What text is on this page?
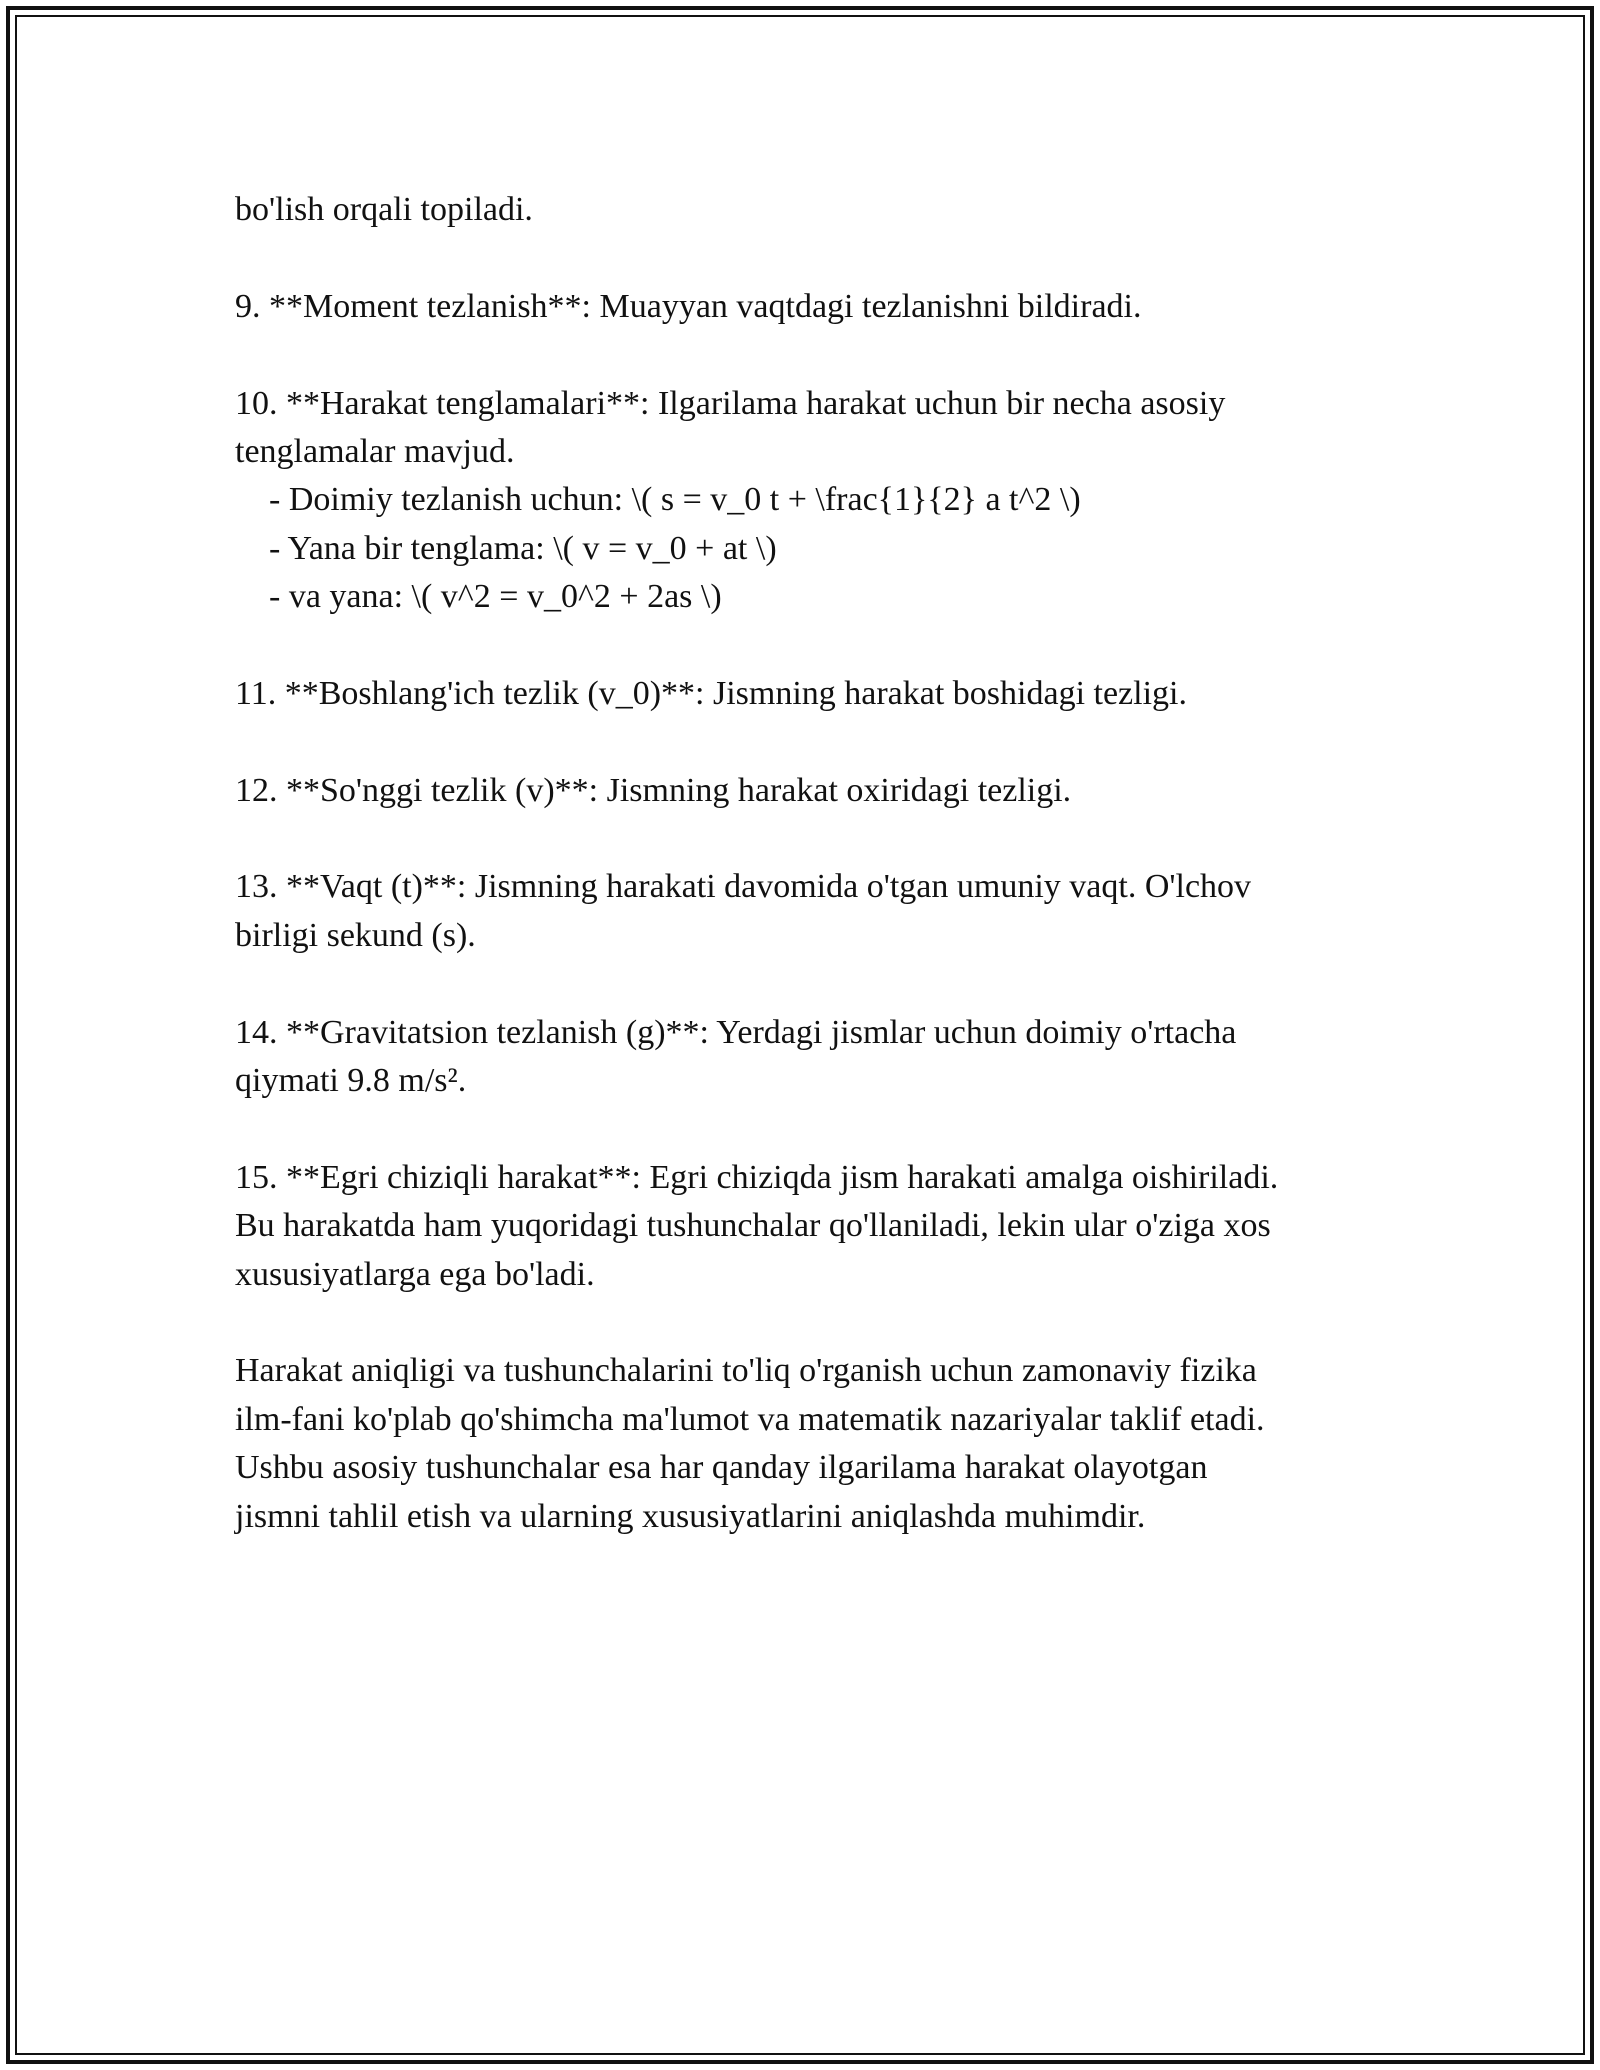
bo'lish orqali topiladi.
9. **Moment tezlanish**: Muayyan vaqtdagi tezlanishni bildiradi.
10. **Harakat tenglamalari**: Ilgarilama harakat uchun bir necha asosiy
tenglamalar mavjud.
- Doimiy tezlanish uchun: \( s = v_0 t + \frac{1}{2} a t^2 \)
- Yana bir tenglama: \( v = v_0 + at \)
- va yana: \( v^2 = v_0^2 + 2as \)
11. **Boshlang'ich tezlik (v_0)**: Jismning harakat boshidagi tezligi.
12. **So'nggi tezlik (v)**: Jismning harakat oxiridagi tezligi.
13. **Vaqt (t)**: Jismning harakati davomida o'tgan umuniy vaqt. O'lchov
birligi sekund (s).
14. **Gravitatsion tezlanish (g)**: Yerdagi jismlar uchun doimiy o'rtacha
qiymati 9.8 m/s².
15. **Egri chiziqli harakat**: Egri chiziqda jism harakati amalga oishiriladi.
Bu harakatda ham yuqoridagi tushunchalar qo'llaniladi, lekin ular o'ziga xos
xususiyatlarga ega bo'ladi.
Harakat aniqligi va tushunchalarini to'liq o'rganish uchun zamonaviy fizika
ilm-fani ko'plab qo'shimcha ma'lumot va matematik nazariyalar taklif etadi.
Ushbu asosiy tushunchalar esa har qanday ilgarilama harakat olayotgan
jismni tahlil etish va ularning xususiyatlarini aniqlashda muhimdir.
